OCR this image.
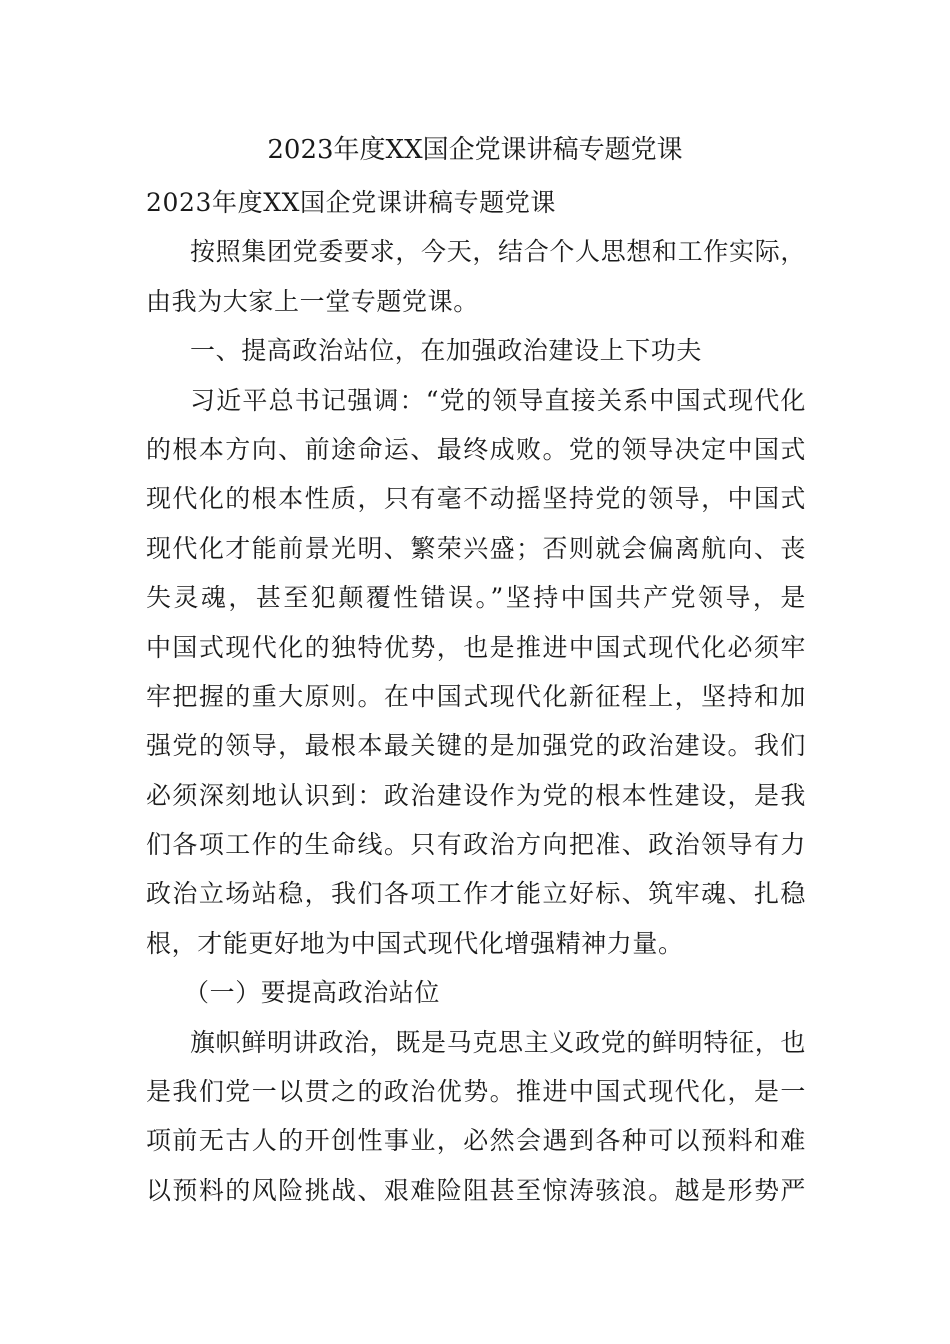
2023年度XX国企党课讲稿专题党课
2023年度XX国企党课讲稿专题党课
按照集团党委要求，今天，结合个人思想和工作实际，
由我为大家上一堂专题党课。
一、提高政治站位，在加强政治建设上下功夫
习近平总书记强调：“党的领导直接关系中国式现代化
的根本方向、前途命运、最终成败。党的领导决定中国式
现代化的根本性质，只有毫不动摇坚持党的领导，中国式
现代化才能前景光明、繁荣兴盛；否则就会偏离航向、丧
失灵魂，甚至犯颠覆性错误。”坚持中国共产党领导，是
中国式现代化的独特优势，也是推进中国式现代化必须牢
牢把握的重大原则。在中国式现代化新征程上，坚持和加
强党的领导，最根本最关键的是加强党的政治建设。我们
必须深刻地认识到：政治建设作为党的根本性建设，是我
们各项工作的生命线。只有政治方向把准、政治领导有力
政治立场站稳，我们各项工作才能立好标、筑牢魂、扎稳
根，才能更好地为中国式现代化增强精神力量。
（一）要提高政治站位
旗帜鲜明讲政治，既是马克思主义政党的鲜明特征，也
是我们党一以贯之的政治优势。推进中国式现代化，是一
项前无古人的开创性事业，必然会遇到各种可以预料和难
以预料的风险挑战、艰难险阻甚至惊涛骇浪。越是形势严
